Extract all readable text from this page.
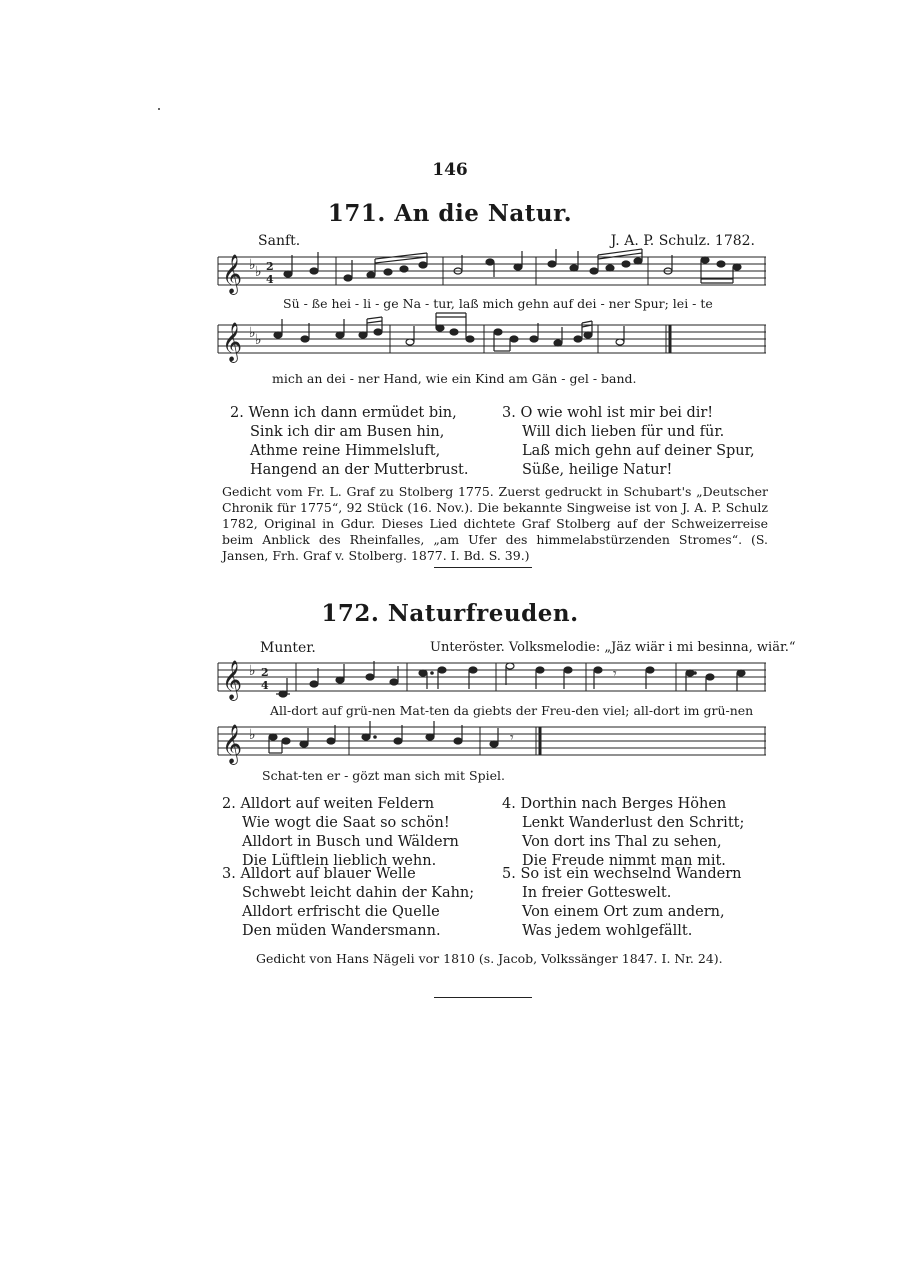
146
171. An die Natur.
Sanft.	J. A. P. Schulz. 1782.
𝄞 ♭ ♭ 2
4
Sü - ße hei - li - ge Na - tur, laß mich gehn auf dei - ner Spur; lei - te
𝄞 ♭ ♭
mich an dei - ner Hand, wie ein Kind am Gän - gel - band.
2. Wenn ich dann ermüdet bin,
Sink ich dir am Busen hin,
Athme reine Himmelsluft,
Hangend an der Mutterbrust.
3. O wie wohl ist mir bei dir!
Will dich lieben für und für.
Laß mich gehn auf deiner Spur,
Süße, heilige Natur!
Gedicht vom Fr. L. Graf zu Stolberg 1775. Zuerst gedruckt in Schubart's „Deutscher Chronik für 1775“, 92 Stück (16. Nov.). Die bekannte Singweise ist von J. A. P. Schulz 1782, Original in Gdur. Dieses Lied dichtete Graf Stolberg auf der Schweizerreise beim Anblick des Rheinfalles, „am Ufer des himmelabstürzenden Stromes“. (S. Jansen, Frh. Graf v. Stolberg. 1877. I. Bd. S. 39.)
172. Naturfreuden.
Munter.	Unteröster. Volksmelodie: „Jäz wiär i mi besinna, wiär.“
𝄞 ♭ 2
4
𝄾
All-dort auf grü-nen Mat-ten da giebts der Freu-den viel; all-dort im grü-nen
𝄞 ♭	𝄾
Schat-ten er - gözt man sich mit Spiel.
2. Alldort auf weiten Feldern
Wie wogt die Saat so schön!
Alldort in Busch und Wäldern
Die Lüftlein lieblich wehn.
3. Alldort auf blauer Welle
Schwebt leicht dahin der Kahn;
Alldort erfrischt die Quelle
Den müden Wandersmann.
4. Dorthin nach Berges Höhen
Lenkt Wanderlust den Schritt;
Von dort ins Thal zu sehen,
Die Freude nimmt man mit.
5. So ist ein wechselnd Wandern
In freier Gotteswelt.
Von einem Ort zum andern,
Was jedem wohlgefällt.
Gedicht von Hans Nägeli vor 1810 (s. Jacob, Volkssänger 1847. I. Nr. 24).
